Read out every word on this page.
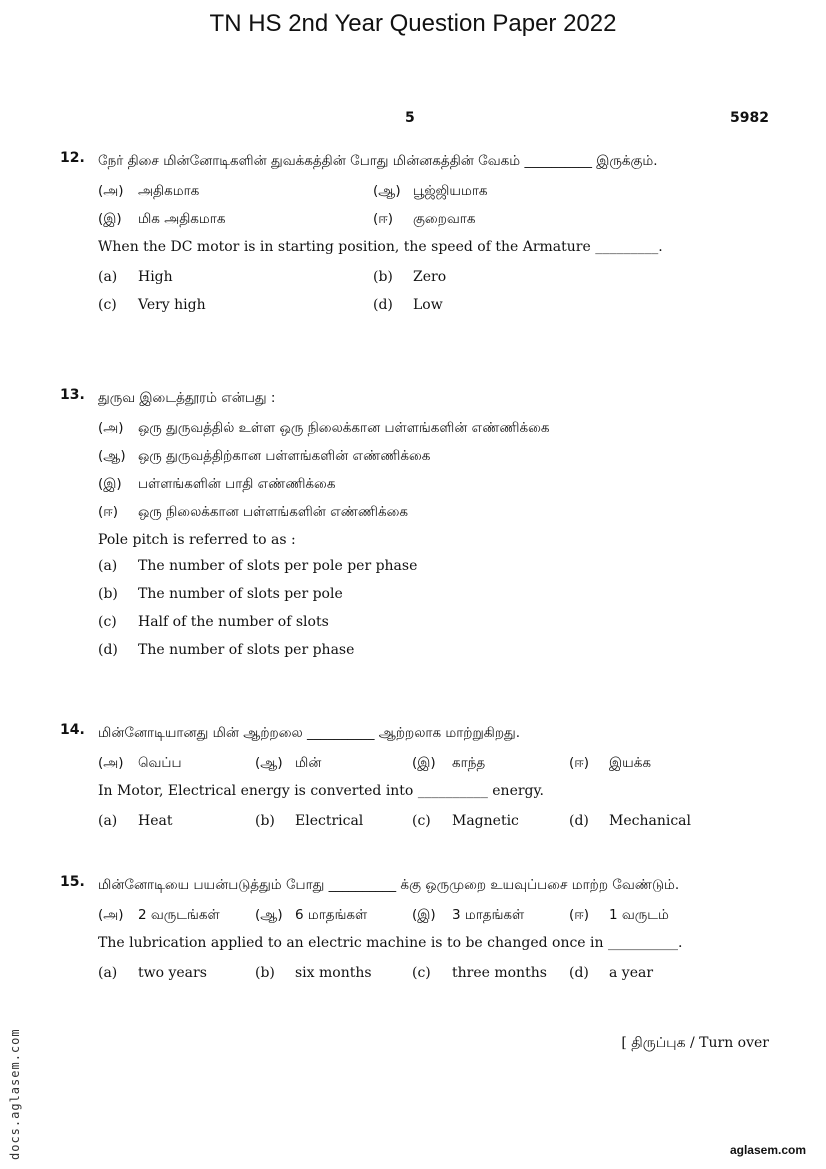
TN HS 2nd Year Question Paper 2022
5	5982
12. நேர் திசை மின்னோடிகளின் துவக்கத்தின் போது மின்னகத்தின் வேகம் __________ இருக்கும்.
(அ)	அதிகமாக	(ஆ) பூஜ்ஜியமாக
(இ)	மிக அதிகமாக	(ஈ)	குறைவாக
When the DC motor is in starting position, the speed of the Armature _________.
(a)	High	(b)	Zero
(c)	Very high	(d)	Low
13. துருவ இடைத்தூரம் என்பது :
(அ)	ஒரு துருவத்தில் உள்ள ஒரு நிலைக்கான பள்ளங்களின் எண்ணிக்கை
(ஆ) ஒரு துருவத்திற்கான பள்ளங்களின் எண்ணிக்கை
(இ)	பள்ளங்களின் பாதி எண்ணிக்கை
(ஈ)	ஒரு நிலைக்கான பள்ளங்களின் எண்ணிக்கை
Pole pitch is referred to as :
(a)	The number of slots per pole per phase
(b)	The number of slots per pole
(c)	Half of the number of slots
(d)	The number of slots per phase
14. மின்னோடியானது மின் ஆற்றலை __________ ஆற்றலாக மாற்றுகிறது.
(அ)	வெப்ப	(ஆ) மின்	(இ)	காந்த	(ஈ)	இயக்க
In Motor, Electrical energy is converted into __________ energy.
(a)	Heat	(b)	Electrical	(c)	Magnetic	(d)	Mechanical
15. மின்னோடியை பயன்படுத்தும் போது __________ க்கு ஒருமுறை உயவுப்பசை மாற்ற வேண்டும்.
(அ)	2 வருடங்கள்	(ஆ) 6 மாதங்கள்	(இ)	3 மாதங்கள்	(ஈ)	1 வருடம்
The lubrication applied to an electric machine is to be changed once in __________.
(a)	two years	(b)	six months	(c)	three months (d)	a year
[ திருப்புக / Turn over
docs.aglasem.com	aglasem.com
